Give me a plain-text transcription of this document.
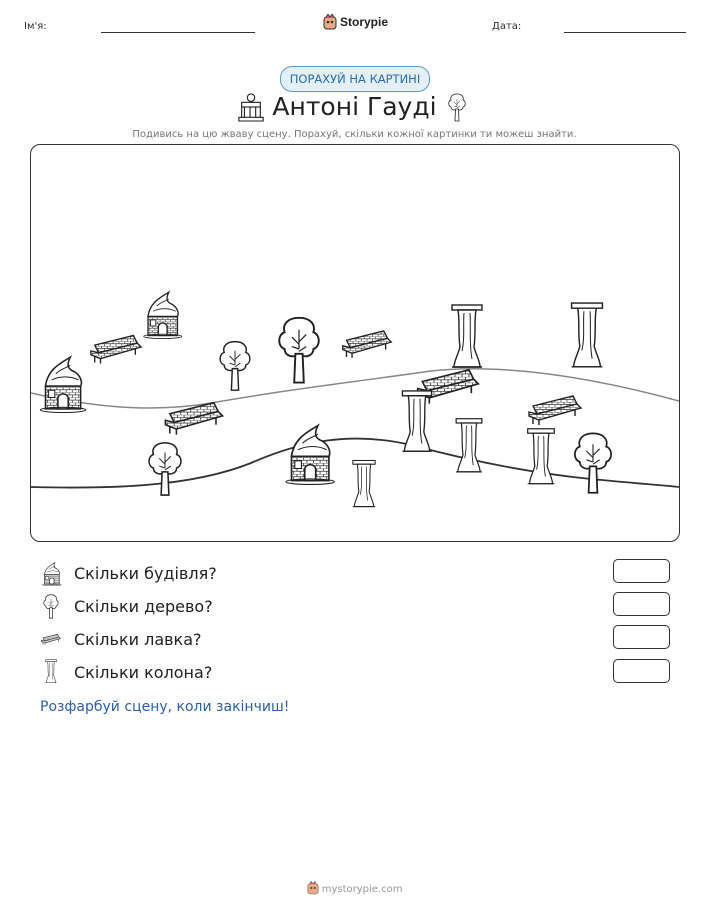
Ім'я:	Storypie	Дата:
ПОРАХУЙ НА КАРТИНІ
Антоні Гауді
Подивись на цю жваву сцену. Порахуй, скільки кожної картинки ти можеш знайти.
Скільки будівля?
Скільки дерево?
Скільки лавка?
Скільки колона?
Розфарбуй сцену, коли закінчиш!
mystorypie.com
